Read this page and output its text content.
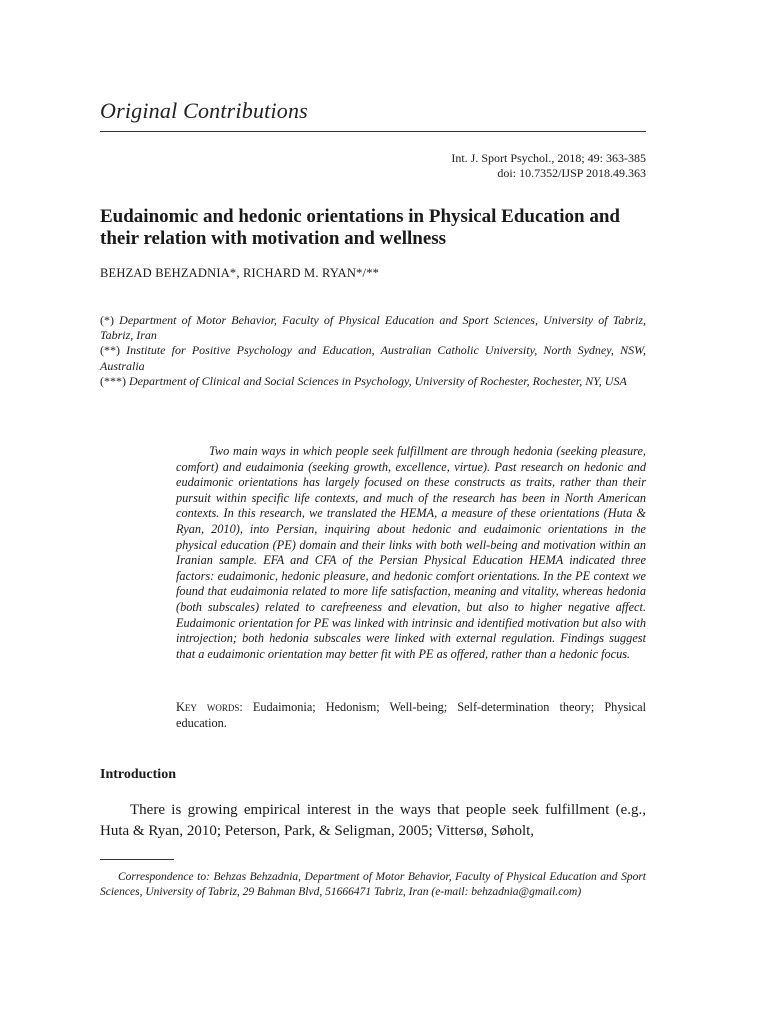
Original Contributions
Int. J. Sport Psychol., 2018; 49: 363-385
doi: 10.7352/IJSP 2018.49.363
Eudainomic and hedonic orientations in Physical Education and their relation with motivation and wellness
BEHZAD BEHZADNIA*, RICHARD M. RYAN*/**
(*) Department of Motor Behavior, Faculty of Physical Education and Sport Sciences, University of Tabriz, Tabriz, Iran
(**) Institute for Positive Psychology and Education, Australian Catholic University, North Sydney, NSW, Australia
(***) Department of Clinical and Social Sciences in Psychology, University of Rochester, Rochester, NY, USA
Two main ways in which people seek fulfillment are through hedonia (seeking pleasure, comfort) and eudaimonia (seeking growth, excellence, virtue). Past research on hedonic and eudaimonic orientations has largely focused on these constructs as traits, rather than their pursuit within specific life contexts, and much of the research has been in North American contexts. In this research, we translated the HEMA, a measure of these orientations (Huta & Ryan, 2010), into Persian, inquiring about hedonic and eudaimonic orientations in the physical education (PE) domain and their links with both well-being and motivation within an Iranian sample. EFA and CFA of the Persian Physical Education HEMA indicated three factors: eudaimonic, hedonic pleasure, and hedonic comfort orientations. In the PE context we found that eudaimonia related to more life satisfaction, meaning and vitality, whereas hedonia (both subscales) related to carefreeness and elevation, but also to higher negative affect. Eudaimonic orientation for PE was linked with intrinsic and identified motivation but also with introjection; both hedonia subscales were linked with external regulation. Findings suggest that a eudaimonic orientation may better fit with PE as offered, rather than a hedonic focus.
Key words: Eudaimonia; Hedonism; Well-being; Self-determination theory; Physical education.
Introduction
There is growing empirical interest in the ways that people seek fulfillment (e.g., Huta & Ryan, 2010; Peterson, Park, & Seligman, 2005; Vittersø, Søholt,
Correspondence to: Behzas Behzadnia, Department of Motor Behavior, Faculty of Physical Education and Sport Sciences, University of Tabriz, 29 Bahman Blvd, 51666471 Tabriz, Iran (e-mail: behzadnia@gmail.com)
